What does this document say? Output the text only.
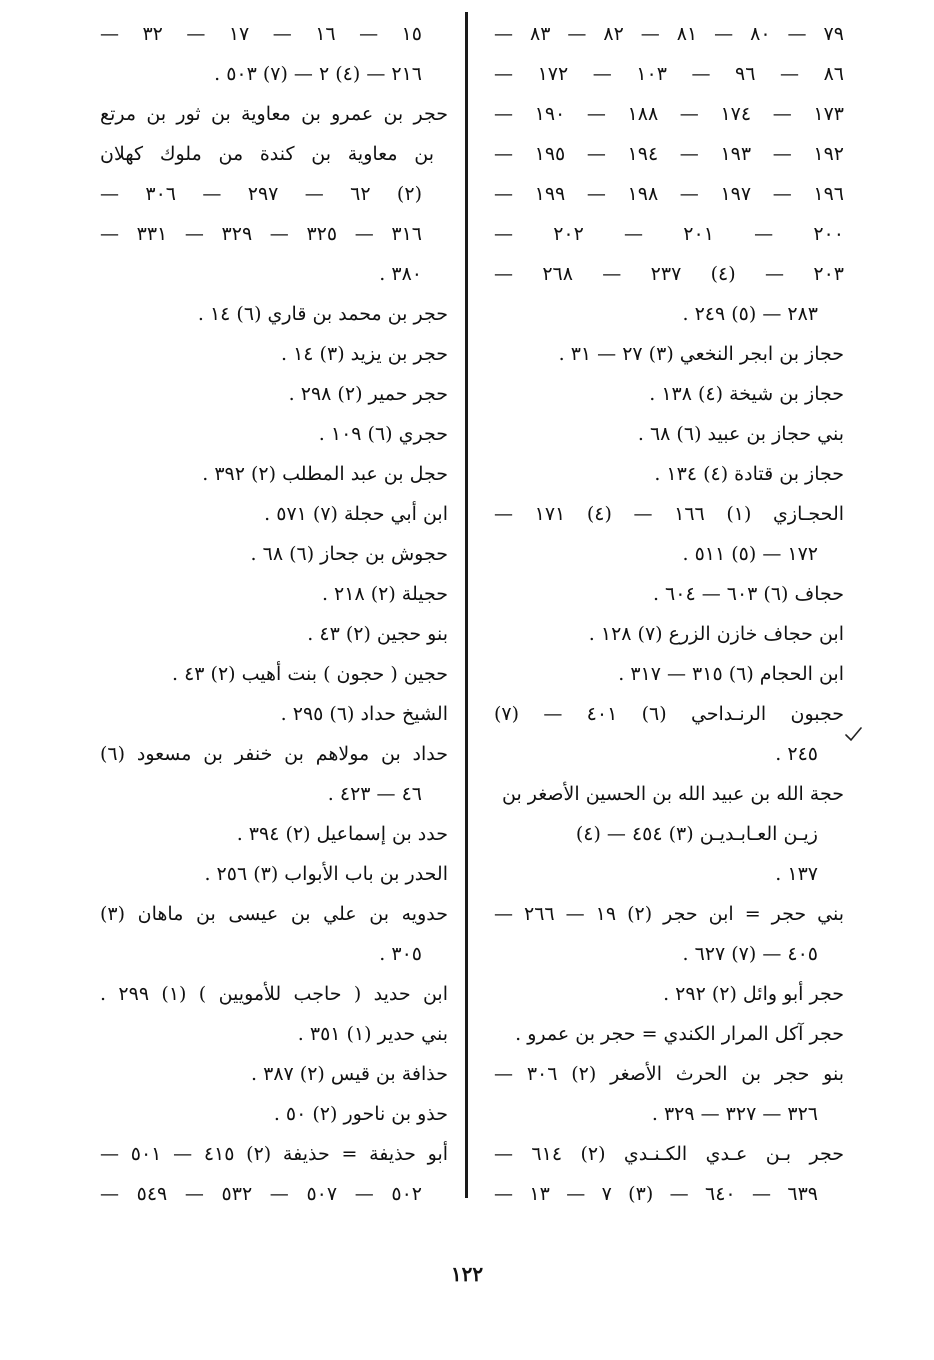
٧٩ — ٨٠ — ٨١ — ٨٢ — ٨٣ —
٨٦ — ٩٦ — ١٠٣ — ١٧٢ —
١٧٣ — ١٧٤ — ١٨٨ — ١٩٠ —
١٩٢ — ١٩٣ — ١٩٤ — ١٩٥ —
١٩٦ — ١٩٧ — ١٩٨ — ١٩٩ —
٢٠٠ — ٢٠١ — ٢٠٢ —
٢٠٣ — (٤) ٢٣٧ — ٢٦٨ —
٢٨٣ — (٥) ٢٤٩ .
حجاز بن ابجر النخعي (٣) ٢٧ — ٣١ .
حجاز بن شيخة (٤) ١٣٨ .
بني حجاز بن عبيد (٦) ٦٨ .
حجاز بن قتادة (٤) ١٣٤ .
الحجـازي (١) ١٦٦ — (٤) ١٧١ —
١٧٢ — (٥) ٥١١ .
حجاف (٦) ٦٠٣ — ٦٠٤ .
ابن حجاف خازن الزرع (٧) ١٢٨ .
ابن الحجام (٦) ٣١٥ — ٣١٧ .
حجبون الرنـداحي (٦) ٤٠١ — (٧)
٢٤٥ .
حجة الله بن عبيد الله بن الحسين الأصغر بن
زيـن العـابـديـن (٣) ٤٥٤ — (٤)
١٣٧ .
بني حجر = ابن حجر (٢) ١٩ — ٢٦٦ —
٤٠٥ — (٧) ٦٢٧ .
حجر أبو وائل (٢) ٢٩٢ .
حجر آكل المرار الكندي = حجر بن عمرو .
بنو حجر بن الحرث الأصغر (٢) ٣٠٦ —
٣٢٦ — ٣٢٧ — ٣٢٩ .
حجر بـن عـدي الكـنـدي (٢) ٦١٤ —
٦٣٩ — ٦٤٠ — (٣) ٧ — ١٣ —
١٥ — ١٦ — ١٧ — ٣٢ —
٢١٦ — (٤) ٢ — (٧) ٥٠٣ .
حجر بن عمرو بن معاوية بن ثور بن مرتع
بن معاوية بن كندة من ملوك كهلان
(٢) ٦٢ — ٢٩٧ — ٣٠٦ —
٣١٦ — ٣٢٥ — ٣٢٩ — ٣٣١ —
٣٨٠ .
حجر بن محمد بن قاري (٦) ١٤ .
حجر بن يزيد (٣) ١٤ .
حجر حمير (٢) ٢٩٨ .
حجري (٦) ١٠٩ .
حجل بن عبد المطلب (٢) ٣٩٢ .
ابن أبي حجلة (٧) ٥٧١ .
حجوش بن جحاز (٦) ٦٨ .
حجيلة (٢) ٢١٨ .
بنو حجين (٢) ٤٣ .
حجين ( حجون ) بنت أهيب (٢) ٤٣ .
الشيخ حداد (٦) ٢٩٥ .
حداد بن مولاهم بن خنفر بن مسعود (٦)
٤٦ — ٤٢٣ .
حدد بن إسماعيل (٢) ٣٩٤ .
الحدر بن باب الأبواب (٣) ٢٥٦ .
حدويه بن علي بن عيسى بن ماهان (٣)
٣٠٥ .
ابن حديد ( حاجب للأمويين ) (١) ٢٩٩ .
بني حدير (١) ٣٥١ .
حذافة بن قيس (٢) ٣٨٧ .
حذو بن ناحور (٢) ٥٠ .
أبو حذيفة = حذيفة (٢) ٤١٥ — ٥٠١ —
٥٠٢ — ٥٠٧ — ٥٣٢ — ٥٤٩ —
١٢٢
